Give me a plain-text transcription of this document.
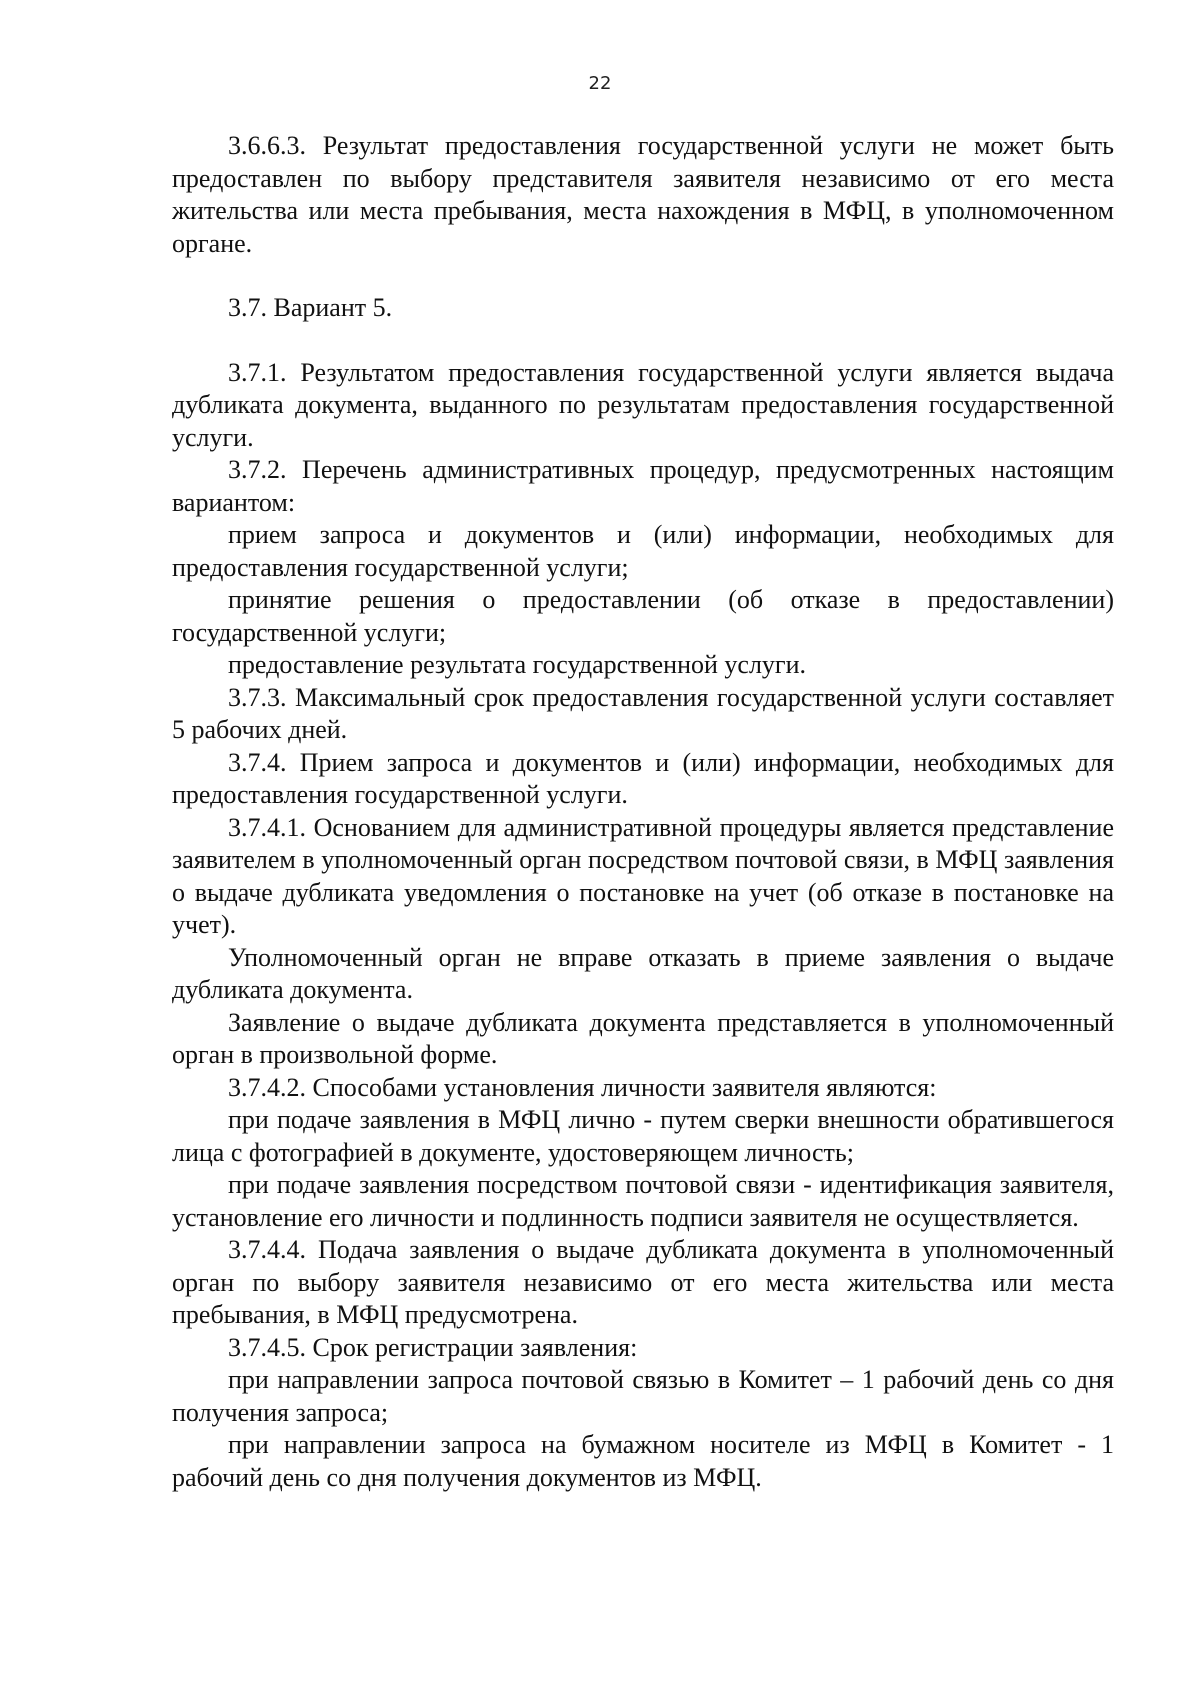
22

3.6.6.3. Результат предоставления государственной услуги не может быть предоставлен по выбору представителя заявителя независимо от его места жительства или места пребывания, места нахождения в МФЦ, в уполномоченном органе.

3.7. Вариант 5.

3.7.1. Результатом предоставления государственной услуги является выдача дубликата документа, выданного по результатам предоставления государственной услуги.

3.7.2. Перечень административных процедур, предусмотренных настоящим вариантом:

прием запроса и документов и (или) информации, необходимых для предоставления государственной услуги;

принятие решения о предоставлении (об отказе в предоставлении) государственной услуги;

предоставление результата государственной услуги.

3.7.3. Максимальный срок предоставления государственной услуги составляет 5 рабочих дней.

3.7.4. Прием запроса и документов и (или) информации, необходимых для предоставления государственной услуги.

3.7.4.1. Основанием для административной процедуры является представление заявителем в уполномоченный орган посредством почтовой связи, в МФЦ заявления о выдаче дубликата уведомления о постановке на учет (об отказе в постановке на учет).

Уполномоченный орган не вправе отказать в приеме заявления о выдаче дубликата документа.

Заявление о выдаче дубликата документа представляется в уполномоченный орган в произвольной форме.

3.7.4.2. Способами установления личности заявителя являются:

при подаче заявления в МФЦ лично - путем сверки внешности обратившегося лица с фотографией в документе, удостоверяющем личность;

при подаче заявления посредством почтовой связи - идентификация заявителя, установление его личности и подлинность подписи заявителя не осуществляется.

3.7.4.4. Подача заявления о выдаче дубликата документа в уполномоченный орган по выбору заявителя независимо от его места жительства или места пребывания, в МФЦ предусмотрена.

3.7.4.5. Срок регистрации заявления:

при направлении запроса почтовой связью в Комитет – 1 рабочий день со дня получения запроса;

при направлении запроса на бумажном носителе из МФЦ в Комитет - 1 рабочий день со дня получения документов из МФЦ.
